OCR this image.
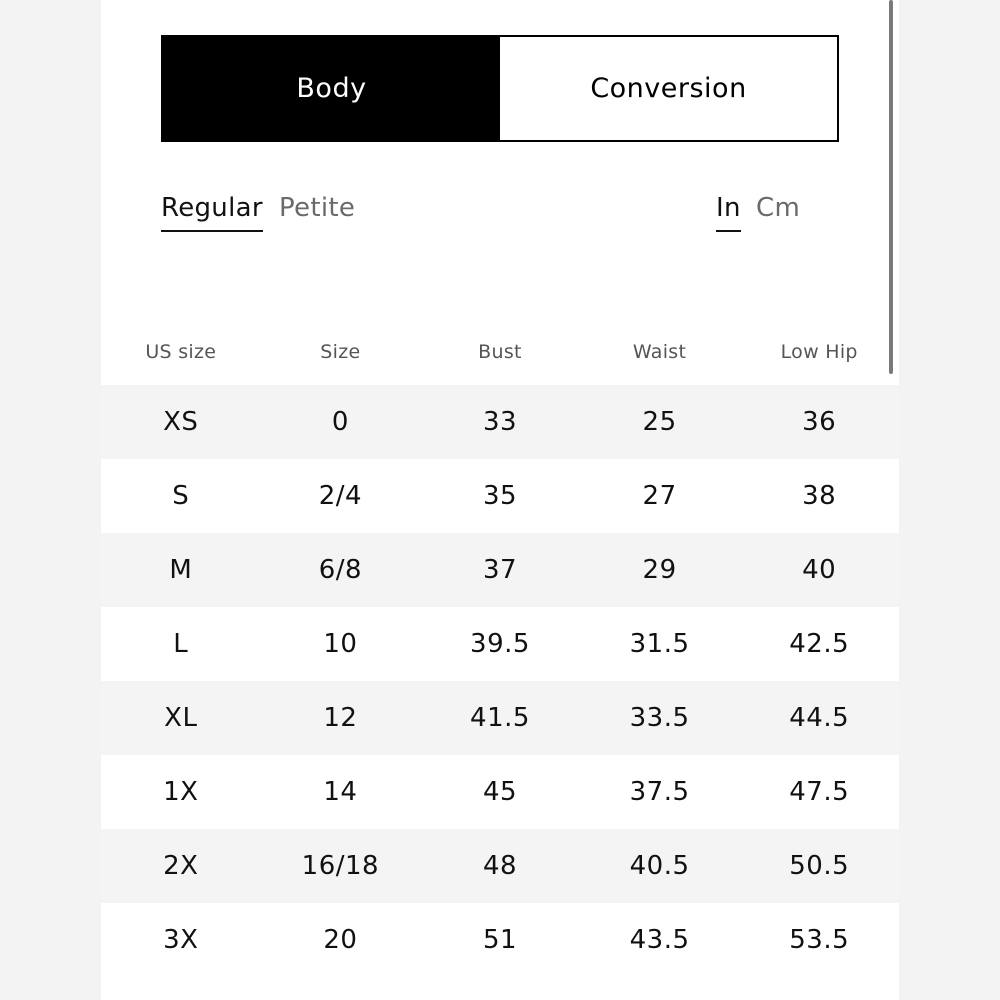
Body	Conversion
Regular Petite	In Cm
US size	Size	Bust	Waist	Low Hip
XS	0	33	25	36
S	2/4	35	27	38
M	6/8	37	29	40
L	10	39.5	31.5	42.5
XL	12	41.5	33.5	44.5
1X	14	45	37.5	47.5
2X	16/18	48	40.5	50.5
3X	20	51	43.5	53.5
